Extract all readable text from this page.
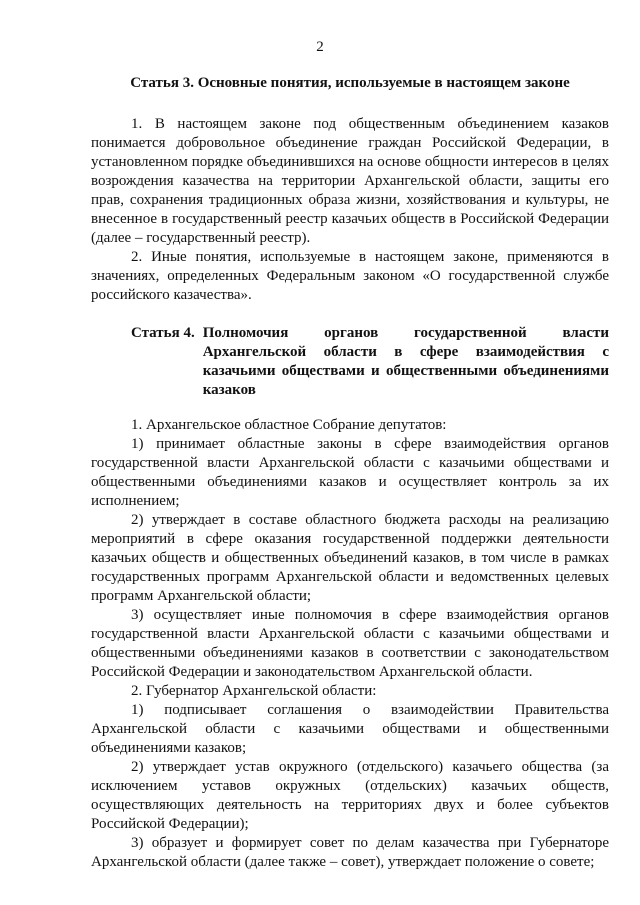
2
Статья 3. Основные понятия, используемые в настоящем законе

1. В настоящем законе под общественным объединением казаков понимается добровольное объединение граждан Российской Федерации, в установленном порядке объединившихся на основе общности интересов в целях возрождения казачества на территории Архангельской области, защиты его прав, сохранения традиционных образа жизни, хозяйствования и культуры, не внесенное в государственный реестр казачьих обществ в Российской Федерации (далее – государственный реестр).

2. Иные понятия, используемые в настоящем законе, применяются в значениях, определенных Федеральным законом «О государственной службе российского казачества».

Статья 4. Полномочия органов государственной власти Архангельской области в сфере взаимодействия с казачьими обществами и общественными объединениями казаков

1. Архангельское областное Собрание депутатов:

1) принимает областные законы в сфере взаимодействия органов государственной власти Архангельской области с казачьими обществами и общественными объединениями казаков и осуществляет контроль за их исполнением;

2) утверждает в составе областного бюджета расходы на реализацию мероприятий в сфере оказания государственной поддержки деятельности казачьих обществ и общественных объединений казаков, в том числе в рамках государственных программ Архангельской области и ведомственных целевых программ Архангельской области;

3) осуществляет иные полномочия в сфере взаимодействия органов государственной власти Архангельской области с казачьими обществами и общественными объединениями казаков в соответствии с законодательством Российской Федерации и законодательством Архангельской области.

2. Губернатор Архангельской области:

1) подписывает соглашения о взаимодействии Правительства Архангельской области с казачьими обществами и общественными объединениями казаков;

2) утверждает устав окружного (отдельского) казачьего общества (за исключением уставов окружных (отдельских) казачьих обществ, осуществляющих деятельность на территориях двух и более субъектов Российской Федерации);

3) образует и формирует совет по делам казачества при Губернаторе Архангельской области (далее также – совет), утверждает положение о совете;
